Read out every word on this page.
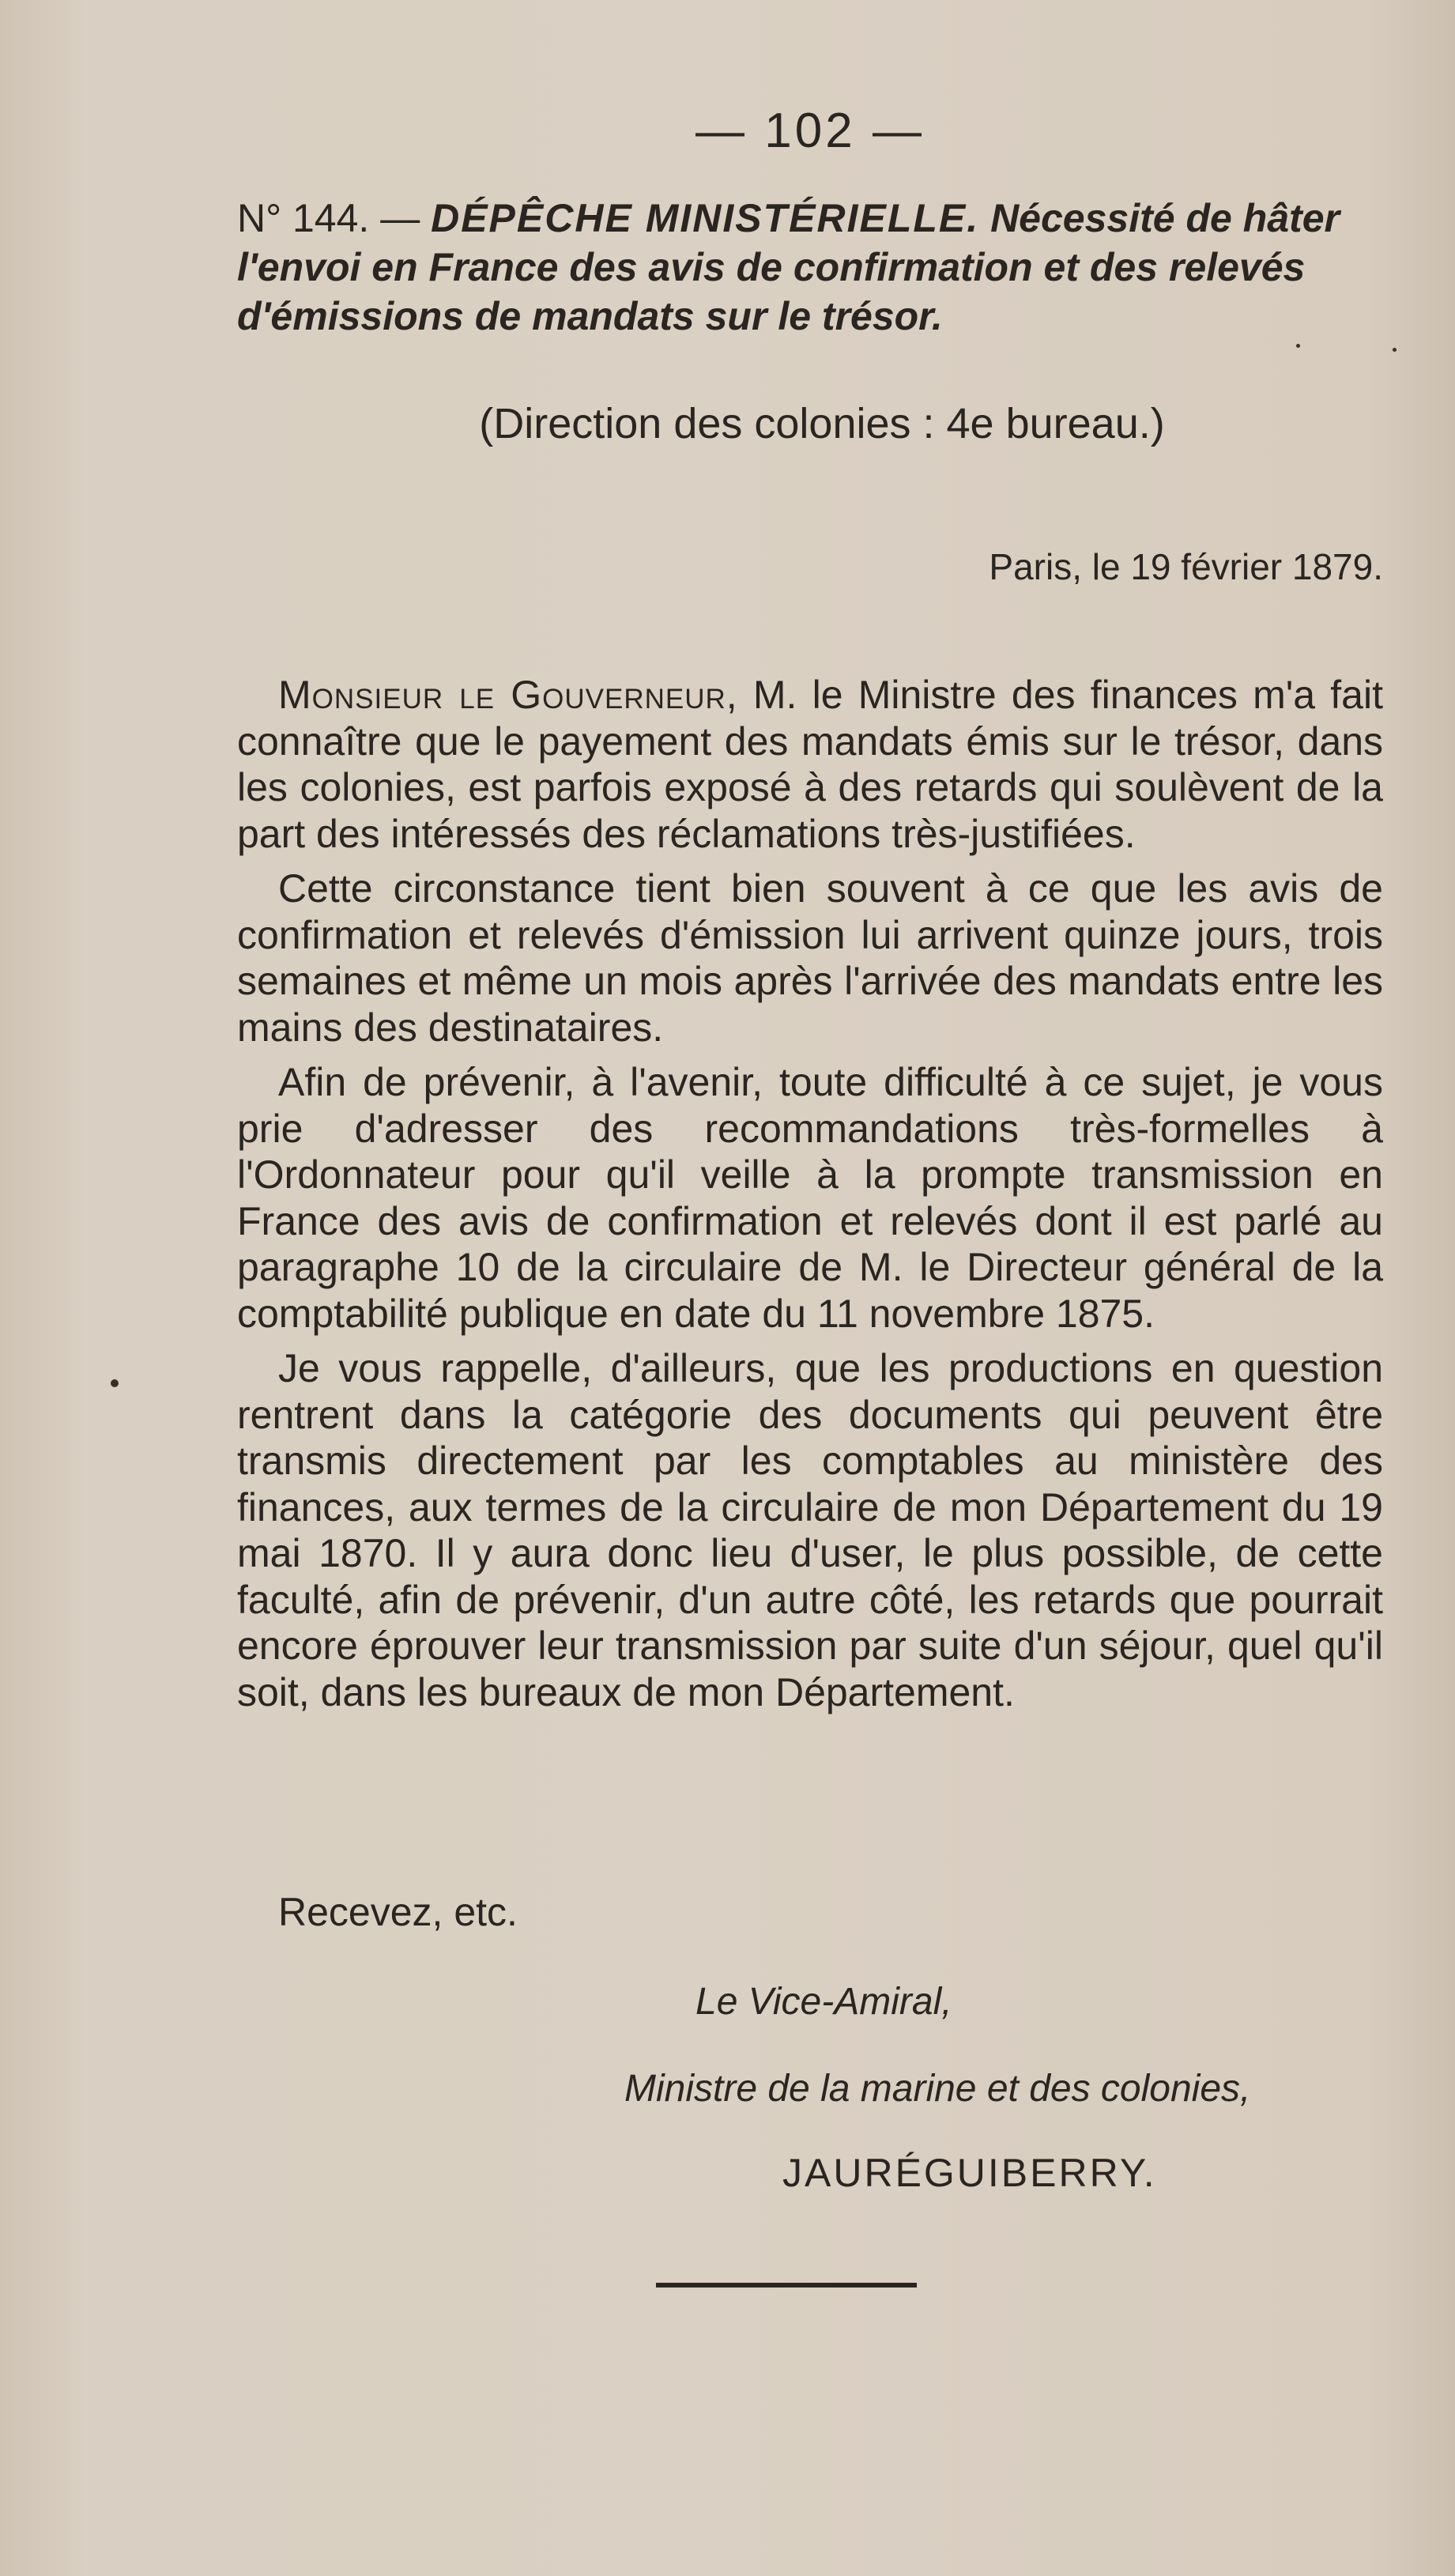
— 102 —
N° 144. — DÉPÊCHE MINISTÉRIELLE. Nécessité de hâter l'envoi en France des avis de confirmation et des relevés d'émissions de mandats sur le trésor.
(Direction des colonies : 4e bureau.)
Paris, le 19 février 1879.

Monsieur le Gouverneur, M. le Ministre des finances m'a fait connaître que le payement des mandats émis sur le trésor, dans les colonies, est parfois exposé à des retards qui soulèvent de la part des intéressés des réclamations très-justifiées.

Cette circonstance tient bien souvent à ce que les avis de confirmation et relevés d'émission lui arrivent quinze jours, trois semaines et même un mois après l'arrivée des mandats entre les mains des destinataires.

Afin de prévenir, à l'avenir, toute difficulté à ce sujet, je vous prie d'adresser des recommandations très-formelles à l'Ordonnateur pour qu'il veille à la prompte transmission en France des avis de confirmation et relevés dont il est parlé au paragraphe 10 de la circulaire de M. le Directeur général de la comptabilité publique en date du 11 novembre 1875.

Je vous rappelle, d'ailleurs, que les productions en question rentrent dans la catégorie des documents qui peuvent être transmis directement par les comptables au ministère des finances, aux termes de la circulaire de mon Département du 19 mai 1870. Il y aura donc lieu d'user, le plus possible, de cette faculté, afin de prévenir, d'un autre côté, les retards que pourrait encore éprouver leur transmission par suite d'un séjour, quel qu'il soit, dans les bureaux de mon Département.

Recevez, etc.
Le Vice-Amiral,
Ministre de la marine et des colonies,
JAURÉGUIBERRY.
